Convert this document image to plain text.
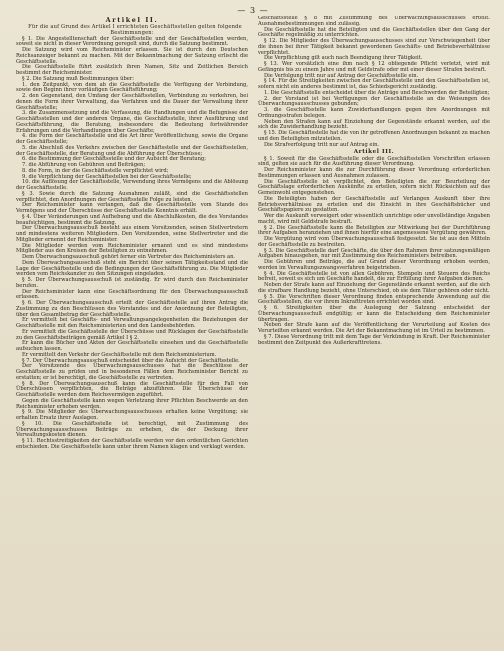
— 3 —
Artikel II.

Für die auf Grund des Artikel I errichteten Geschäftsstellen gelten folgende Bestimmungen:

§ 1. Die Angestelltenschaft der Geschäftsstelle und der Geschäftsstellen werden, soweit sie nicht in dieser Verordnung geregelt sind, durch die Satzung bestimmt.

Die Satzung wird vom Reichsminister erlassen. Sie ist durch den Deutschen Reichsanzeiger bekannt zu machen. Mit der Bekanntmachung der Satzung erlischt die Geschäftsstelle.

Die Geschäftsstelle führt zusätzlich ihren Namen, Sitz und Zeitlichen Bereich bestimmt der Reichsminister.

§ 2. Die Satzung muß Bestimmungen über:

1. den Zeitpunkt, von dem ab die Geschäftsstelle die Verfügung der Verbindung, sowie den Beginn ihrer vorläufigen Geschäftsführung;

2. den Gegenstand, den Umfang der Geschäftsstellen, Verbindung zu verkehren, bei denen die Form ihrer Verwaltung, das Verfahren und die Dauer der Verwaltung ihrer Geschäftsstelle;

3. die Zusammensetzung und die Verfassung, die Handlungen und die Befugnisse der Geschäftsstellen und der anderen Organe, die Geschäftsstelle, ihrer Ausführung und Geschäftsführung, die Beratung, insbesondere die Bedeutung fortwährender Erfahrungen und die Verhandlungen über Geschäfte;

4. die Form der Geschäftsstelle und die Art ihrer Veröffentlichung, sowie die Organe der Geschäftsstelle;

5. die Abschluß des Verkehrs zwischen der Geschäftsstelle und der Geschäftsstellen, der Geschäftsstelle, der Beratung und die Abführung der Überschüsse;

6. die Bestimmung der Geschäftsstelle und der Aufsicht der Beratung;

7. die Abführung von Gebühren und Beiträgen;

8. die Form, in der die Geschäftsstelle verpflichtet wird;

9. die Verpflichtung der Geschäftsstellen bei der Geschäftsstelle;

10. die Auflösung der Geschäftsstelle, Verwendung ihres Vermögens und die Ablösung der Geschäftsstelle.

§ 3. Sowie durch die Satzung Ausnahmen zuläßt, sind die Geschäftsstellen verpflichtet, den Anordnungen der Geschäftsstelle Folge zu leisten.

Der Reichsminister kann verlangen, daß die Geschäftsstelle vom Stande des Vermögens und der Überschüsse der Geschäftsstelle Kenntnis erhält.

§ 4. Über Veränderungen und Aufhebung und die Abschlußkosten, die des Vorstandes beaufsichtigen, bestimmt die Satzung.

Der Überwachungsausschuß besteht aus einem Vorsitzenden, seinen Stellvertretern und mindestens weiteren Mitgliedern. Den Vorsitzenden, seine Stellvertreter und die Mitglieder ernennt der Reichsminister.

Die Mitglieder werden vom Reichsminister ernannt und es sind mindestens Mitglieder aus den Kreisen der Beteiligten zu entnehmen.

Dem Überwachungsausschuß gehört ferner ein Vertreter des Reichsministers an.

Dem Überwachungsausschuß steht ein Bericht über seinen Tätigkeitsstand und die Lage der Geschäftsstelle und die Bedingungen der Geschäftsführung zu. Die Mitglieder werden vom Reichskanzler zu den Sitzungen eingeladen.

§ 5. Der Überwachungsausschuß ist zuständig. Er wird durch den Reichsminister berufen.

Der Reichsminister kann eine Geschäftsordnung für den Überwachungsausschuß erlassen.

§ 6. Der Überwachungsausschuß erteilt der Geschäftsstelle auf ihren Antrag die Zustimmung zu den Beschlüssen des Vorstandes und der Anordnung der Beteiligten, über den Gesamtbetrag der Geschäftsstelle.

Er vermittelt bei Geschäfts- und Verwaltungsangelegenheiten die Beziehungen der Geschäftsstelle mit den Reichsministerien und den Landesbehörden.

Er vermittelt die Geschäftsstelle der Überschüsse und Rücklagen der Geschäftsstelle zu den Geschäftsbeiträgen gemäß Artikel I § 2.

Er kann die Bücher und Akten der Geschäftsstelle einsehen und die Geschäftsstelle aufsuchen lassen.

Er vermittelt den Verkehr der Geschäftsstelle mit dem Reichsministerium.

§ 7. Der Überwachungsausschuß entscheidet über die Aufsicht der Geschäftsstelle.

Der Vorsitzende des Überwachungsausschusses hat die Beschlüsse der Geschäftsstelle zu prüfen und in besonderen Fällen dem Reichsminister Bericht zu erstatten; er ist berechtigt, die Geschäftsstelle zu vertreten.

§ 8. Der Überwachungsausschuß kann die Geschäftsstelle für den Fall von Überschüssen verpflichten, die Beträge abzuführen. Die Überschüsse der Geschäftsstelle werden dem Reichsvermögen zugeführt.

Gegen die Geschäftsstelle kann wegen Verletzung ihrer Pflichten Beschwerde an den Reichsminister erhoben werden.

§ 9. Die Mitglieder des Überwachungsausschusses erhalten keine Vergütung; sie erhalten Ersatz ihrer Auslagen.

§ 10. Die Geschäftsstelle ist berechtigt, mit Zustimmung des Überwachungsausschusses Beiträge zu erheben, die der Deckung ihrer Verwaltungskosten dienen.

§ 11. Rechtsstreitigkeiten der Geschäftsstelle werden vor den ordentlichen Gerichten entschieden. Die Geschäftsstelle kann unter ihrem Namen klagen und verklagt werden.

Geschäftsstelle § 8 mit Zustimmung des Überwachungsausschusses erteilt. Ausnahmebestimmungen sind zulässig.

Die Geschäftsstelle hat die Beteiligten und die Geschäftsstellen über den Gang der Geschäfte regelmäßig zu unterrichten.

§ 12. Die Mitglieder des Überwachungsausschusses sind zur Verschwiegenheit über die ihnen bei ihrer Tätigkeit bekannt gewordenen Geschäfts- und Betriebsverhältnisse verpflichtet.

Die Verpflichtung gilt auch nach Beendigung ihrer Tätigkeit.

§ 13. Wer vorsätzlich eine ihm nach § 12 obliegende Pflicht verletzt, wird mit Gefängnis bis zu einem Jahre und mit Geldstrafe oder mit einer dieser Strafen bestraft.

Die Verfolgung tritt nur auf Antrag der Geschäftsstelle ein.

§ 14. Für die Streitigkeiten zwischen der Geschäftsstelle und den Geschäftsstellen ist, sofern nicht ein anderes bestimmt ist, das Schiedsgericht zuständig.

1. Die Geschäftsstelle entscheidet über die Anträge und Beschwerden der Beteiligten;

2. der Vorstand ist bei Verfügungen der Geschäftsstelle an die Weisungen des Überwachungsausschusses gebunden;

3. die Geschäftsstelle kann Zuwiderhandlungen gegen ihre Anordnungen mit Ordnungsstrafen belegen.

Neben den Strafen kann auf Einziehung der Gegenstände erkannt werden, auf die sich die Zuwiderhandlung bezieht.

§ 15. Die Geschäftsstelle hat die von ihr getroffenen Anordnungen bekannt zu machen und den Beteiligten mitzuteilen.

Die Strafverfolgung tritt nur auf Antrag ein.

Artikel III.

§ 1. Soweit für die Geschäftsstelle oder die Geschäftsstellen Vorschriften erlassen sind, gelten sie auch für die Ausführung dieser Verordnung.

Der Reichsminister kann die zur Durchführung dieser Verordnung erforderlichen Bestimmungen erlassen und Ausnahmen zulassen.

Die Geschäftsstelle ist verpflichtet, den Beteiligten die zur Beurteilung der Geschäftslage erforderlichen Auskünfte zu erteilen, sofern nicht Rücksichten auf das Gemeinwohl entgegenstehen.

Die Beteiligten haben der Geschäftsstelle auf Verlangen Auskunft über ihre Betriebsverhältnisse zu erteilen und die Einsicht in ihre Geschäftsbücher und Geschäftspapiere zu gestatten.

Wer die Auskunft verweigert oder wissentlich unrichtige oder unvollständige Angaben macht, wird mit Geldstrafe bestraft.

§ 2. Die Geschäftsstelle kann die Beteiligten zur Mitwirkung bei der Durchführung ihrer Aufgaben heranziehen und ihnen hierfür eine angemessene Vergütung gewähren.

Die Vergütung wird vom Überwachungsausschuß festgesetzt. Sie ist aus den Mitteln der Geschäftsstelle zu bestreiten.

§ 3. Die Geschäftsstelle darf Geschäfte, die über den Rahmen ihrer satzungsmäßigen Aufgaben hinausgehen, nur mit Zustimmung des Reichsministers betreiben.

Die Gebühren und Beiträge, die auf Grund dieser Verordnung erhoben werden, werden im Verwaltungszwangsverfahren beigetrieben.

§ 4. Die Geschäftsstelle ist von allen Gebühren, Stempeln und Steuern des Reichs befreit, soweit es sich um Geschäfte handelt, die zur Erfüllung ihrer Aufgaben dienen.

Neben der Strafe kann auf Einziehung der Gegenstände erkannt werden, auf die sich die strafbare Handlung bezieht, ohne Unterschied, ob sie dem Täter gehören oder nicht.

§ 5. Die Vorschriften dieser Verordnung finden entsprechende Anwendung auf die Geschäftsstellen, die vor ihrem Inkrafttreten errichtet worden sind.

§ 6. Streitigkeiten über die Auslegung der Satzung entscheidet der Überwachungsausschuß endgültig; er kann die Entscheidung dem Reichsminister übertragen.

Neben der Strafe kann auf die Veröffentlichung der Verurteilung auf Kosten des Verurteilten erkannt werden. Die Art der Bekanntmachung ist im Urteil zu bestimmen.

§ 7. Diese Verordnung tritt mit dem Tage der Verkündung in Kraft. Der Reichsminister bestimmt den Zeitpunkt des Außerkrafttretens.
